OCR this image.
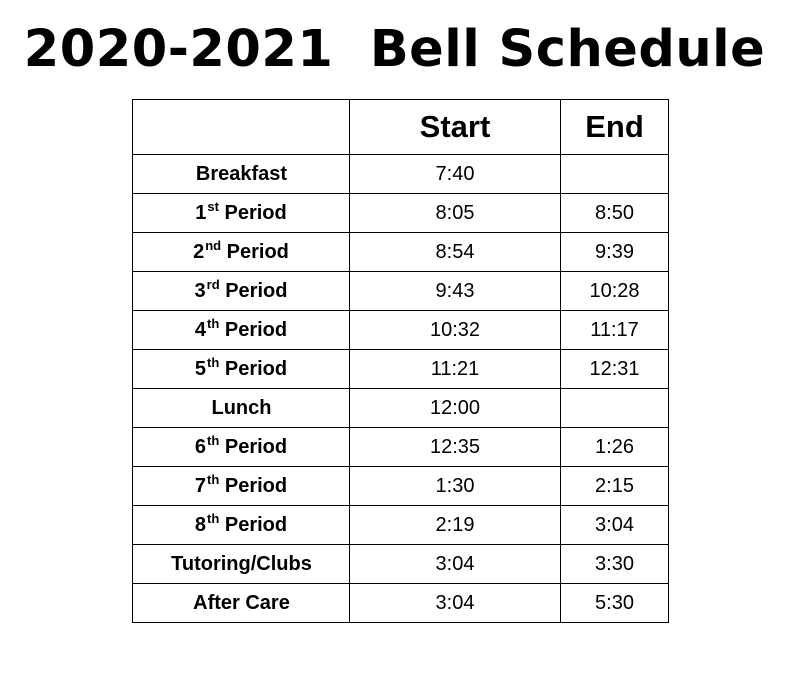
2020-2021  Bell Schedule
	Start	End
Breakfast	7:40	
1st Period	8:05	8:50
2nd Period	8:54	9:39
3rd Period	9:43	10:28
4th Period	10:32	11:17
5th Period	11:21	12:31
Lunch	12:00	
6th Period	12:35	1:26
7th Period	1:30	2:15
8th Period	2:19	3:04
Tutoring/Clubs	3:04	3:30
After Care	3:04	5:30
